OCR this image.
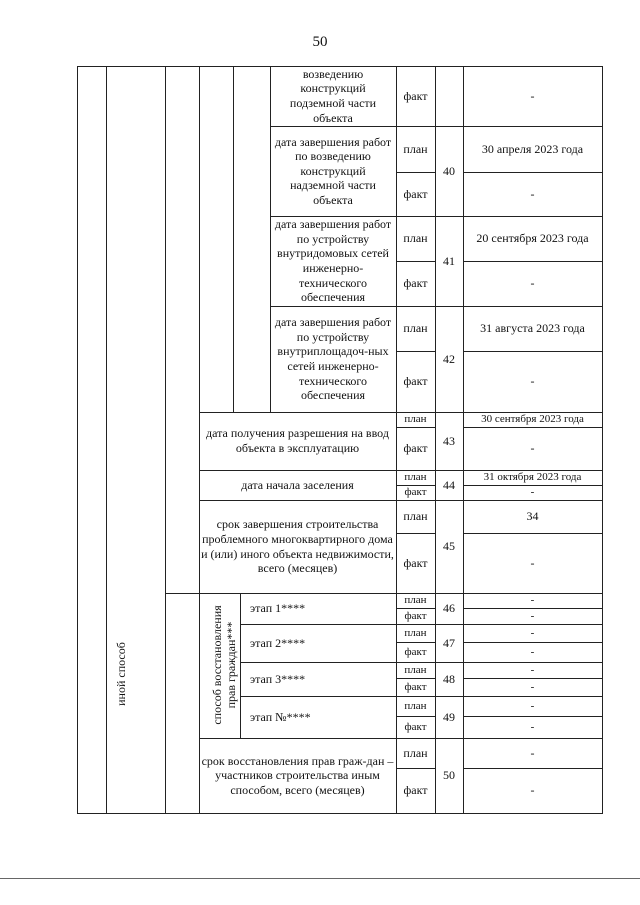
50
возведению конструкций подземной части объекта
факт	-
дата завершения работ по возведению конструкций надземной части объекта
план
факт
40
30 апреля 2023 года
-
дата завершения работ по устройству внутридомовых сетей инженерно-технического обеспечения
план
факт
41
20 сентября 2023 года
-
дата завершения работ по устройству внутриплощадоч-ных сетей инженерно-технического обеспечения
план
факт
42
31 августа 2023 года
-
дата получения разрешения на ввод объекта в эксплуатацию
план
факт
43
30 сентября 2023 года
-
дата начала заселения
план
факт
44
31 октября 2023 года
-
срок завершения строительства проблемного многоквартирного дома и (или) иного объекта недвижимости, всего (месяцев)
план
факт
45
34
-
иной способ	способ восстановления прав граждан***
этап 1****
план
факт
46
-
-
этап 2****
план
факт
47
-
-
этап 3****
план
факт
48
-
-
этап №****
план
факт
49
-
-
срок восстановления прав граж-дан – участников строительства иным способом, всего (месяцев)
план
факт
50
-
-
